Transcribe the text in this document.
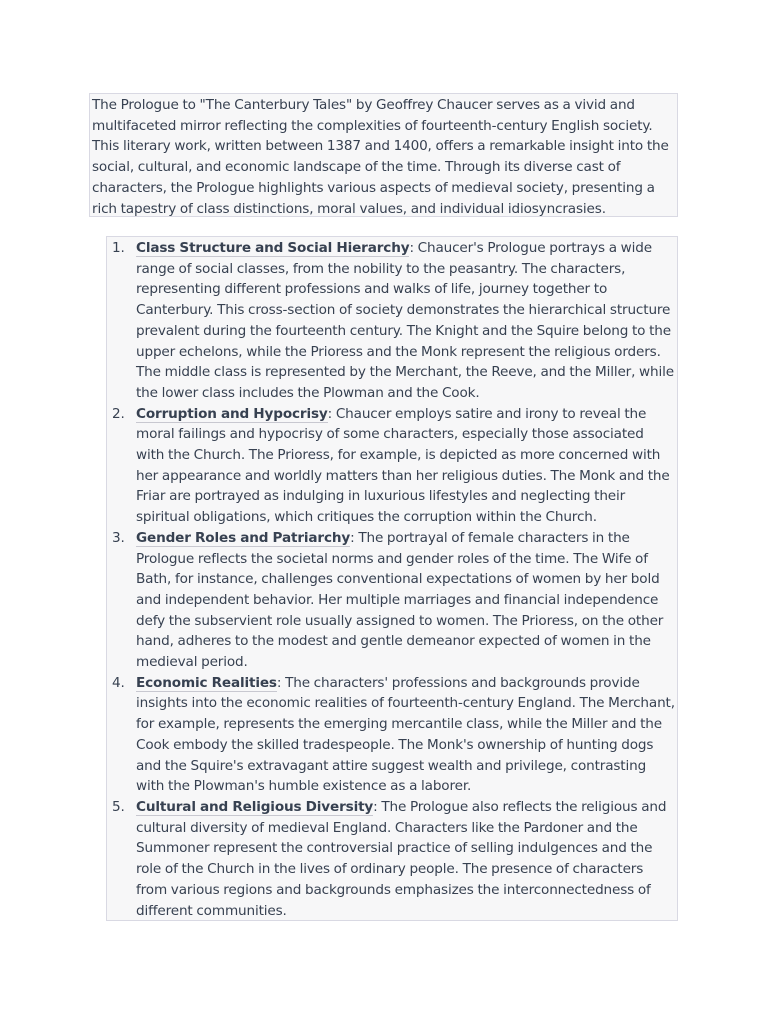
The Prologue to "The Canterbury Tales" by Geoffrey Chaucer serves as a vivid and multifaceted mirror reflecting the complexities of fourteenth-century English society. This literary work, written between 1387 and 1400, offers a remarkable insight into the social, cultural, and economic landscape of the time. Through its diverse cast of characters, the Prologue highlights various aspects of medieval society, presenting a rich tapestry of class distinctions, moral values, and individual idiosyncrasies.

1. Class Structure and Social Hierarchy: Chaucer's Prologue portrays a wide range of social classes, from the nobility to the peasantry. The characters, representing different professions and walks of life, journey together to Canterbury. This cross-section of society demonstrates the hierarchical structure prevalent during the fourteenth century. The Knight and the Squire belong to the upper echelons, while the Prioress and the Monk represent the religious orders. The middle class is represented by the Merchant, the Reeve, and the Miller, while the lower class includes the Plowman and the Cook.
2. Corruption and Hypocrisy: Chaucer employs satire and irony to reveal the moral failings and hypocrisy of some characters, especially those associated with the Church. The Prioress, for example, is depicted as more concerned with her appearance and worldly matters than her religious duties. The Monk and the Friar are portrayed as indulging in luxurious lifestyles and neglecting their spiritual obligations, which critiques the corruption within the Church.
3. Gender Roles and Patriarchy: The portrayal of female characters in the Prologue reflects the societal norms and gender roles of the time. The Wife of Bath, for instance, challenges conventional expectations of women by her bold and independent behavior. Her multiple marriages and financial independence defy the subservient role usually assigned to women. The Prioress, on the other hand, adheres to the modest and gentle demeanor expected of women in the medieval period.
4. Economic Realities: The characters' professions and backgrounds provide insights into the economic realities of fourteenth-century England. The Merchant, for example, represents the emerging mercantile class, while the Miller and the Cook embody the skilled tradespeople. The Monk's ownership of hunting dogs and the Squire's extravagant attire suggest wealth and privilege, contrasting with the Plowman's humble existence as a laborer.
5. Cultural and Religious Diversity: The Prologue also reflects the religious and cultural diversity of medieval England. Characters like the Pardoner and the Summoner represent the controversial practice of selling indulgences and the role of the Church in the lives of ordinary people. The presence of characters from various regions and backgrounds emphasizes the interconnectedness of different communities.
